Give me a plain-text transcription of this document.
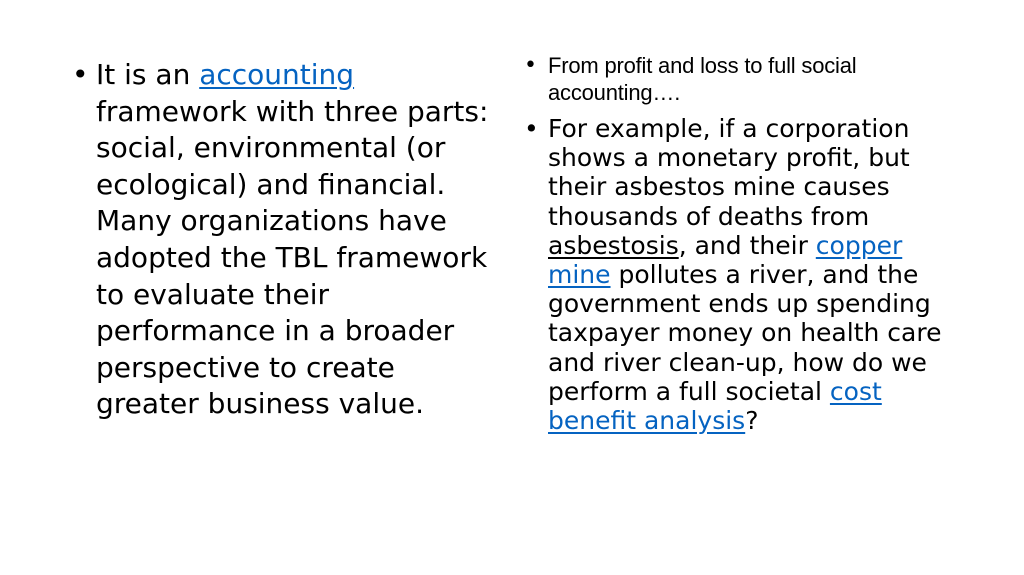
• It is an accounting framework with three parts: social, environmental (or ecological) and financial. Many organizations have adopted the TBL framework to evaluate their performance in a broader perspective to create greater business value.
• From profit and loss to full social accounting….
• For example, if a corporation shows a monetary profit, but their asbestos mine causes thousands of deaths from asbestosis, and their copper mine pollutes a river, and the government ends up spending taxpayer money on health care and river clean-up, how do we perform a full societal cost benefit analysis?
